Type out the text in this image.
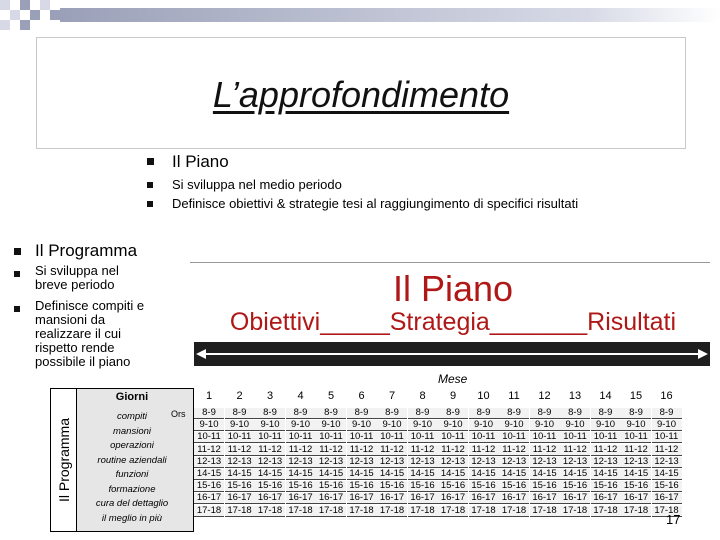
L’approfondimento
Il Piano
Si sviluppa nel medio periodo
Definisce obiettivi & strategie tesi al raggiungimento di specifici risultati
Il Programma
Si sviluppa nel
breve periodo
Definisce compiti e
mansioni da
realizzare il cui
rispetto rende
possibile il piano
Il Piano
Obiettivi_____Strategia_______Risultati
Mese
1	2	3	4	5	6	7	8	9	10	11	12	13	14	15	16
8-9	8-9	8-9	8-9	8-9	8-9	8-9	8-9	8-9	8-9	8-9	8-9	8-9	8-9	8-9	8-9
9-10	9-10	9-10	9-10	9-10	9-10	9-10	9-10	9-10	9-10	9-10	9-10	9-10	9-10	9-10	9-10
10-11 10-11 10-11 10-11 10-11 10-11 10-11 10-11 10-11 10-11 10-11 10-11 10-11 10-11 10-11 10-11
11-12 11-12 11-12 11-12 11-12 11-12 11-12 11-12 11-12 11-12 11-12 11-12 11-12 11-12 11-12 11-12
12-13 12-13 12-13 12-13 12-13 12-13 12-13 12-13 12-13 12-13 12-13 12-13 12-13 12-13 12-13 12-13
14-15 14-15 14-15 14-15 14-15 14-15 14-15 14-15 14-15 14-15 14-15 14-15 14-15 14-15 14-15 14-15
15-16 15-16 15-16 15-16 15-16 15-16 15-16 15-16 15-16 15-16 15-16 15-16 15-16 15-16 15-16 15-16
16-17 16-17 16-17 16-17 16-17 16-17 16-17 16-17 16-17 16-17 16-17 16-17 16-17 16-17 16-17 16-17
17-18 17-18 17-18 17-18 17-18 17-18 17-18 17-18 17-18 17-18 17-18 17-18 17-18 17-18 17-18 17-18
Il Programma
Giorni
compiti
mansioni
operazioni
routine aziendali
funzioni
formazione
cura del dettaglio
il meglio in più
Ors
17
